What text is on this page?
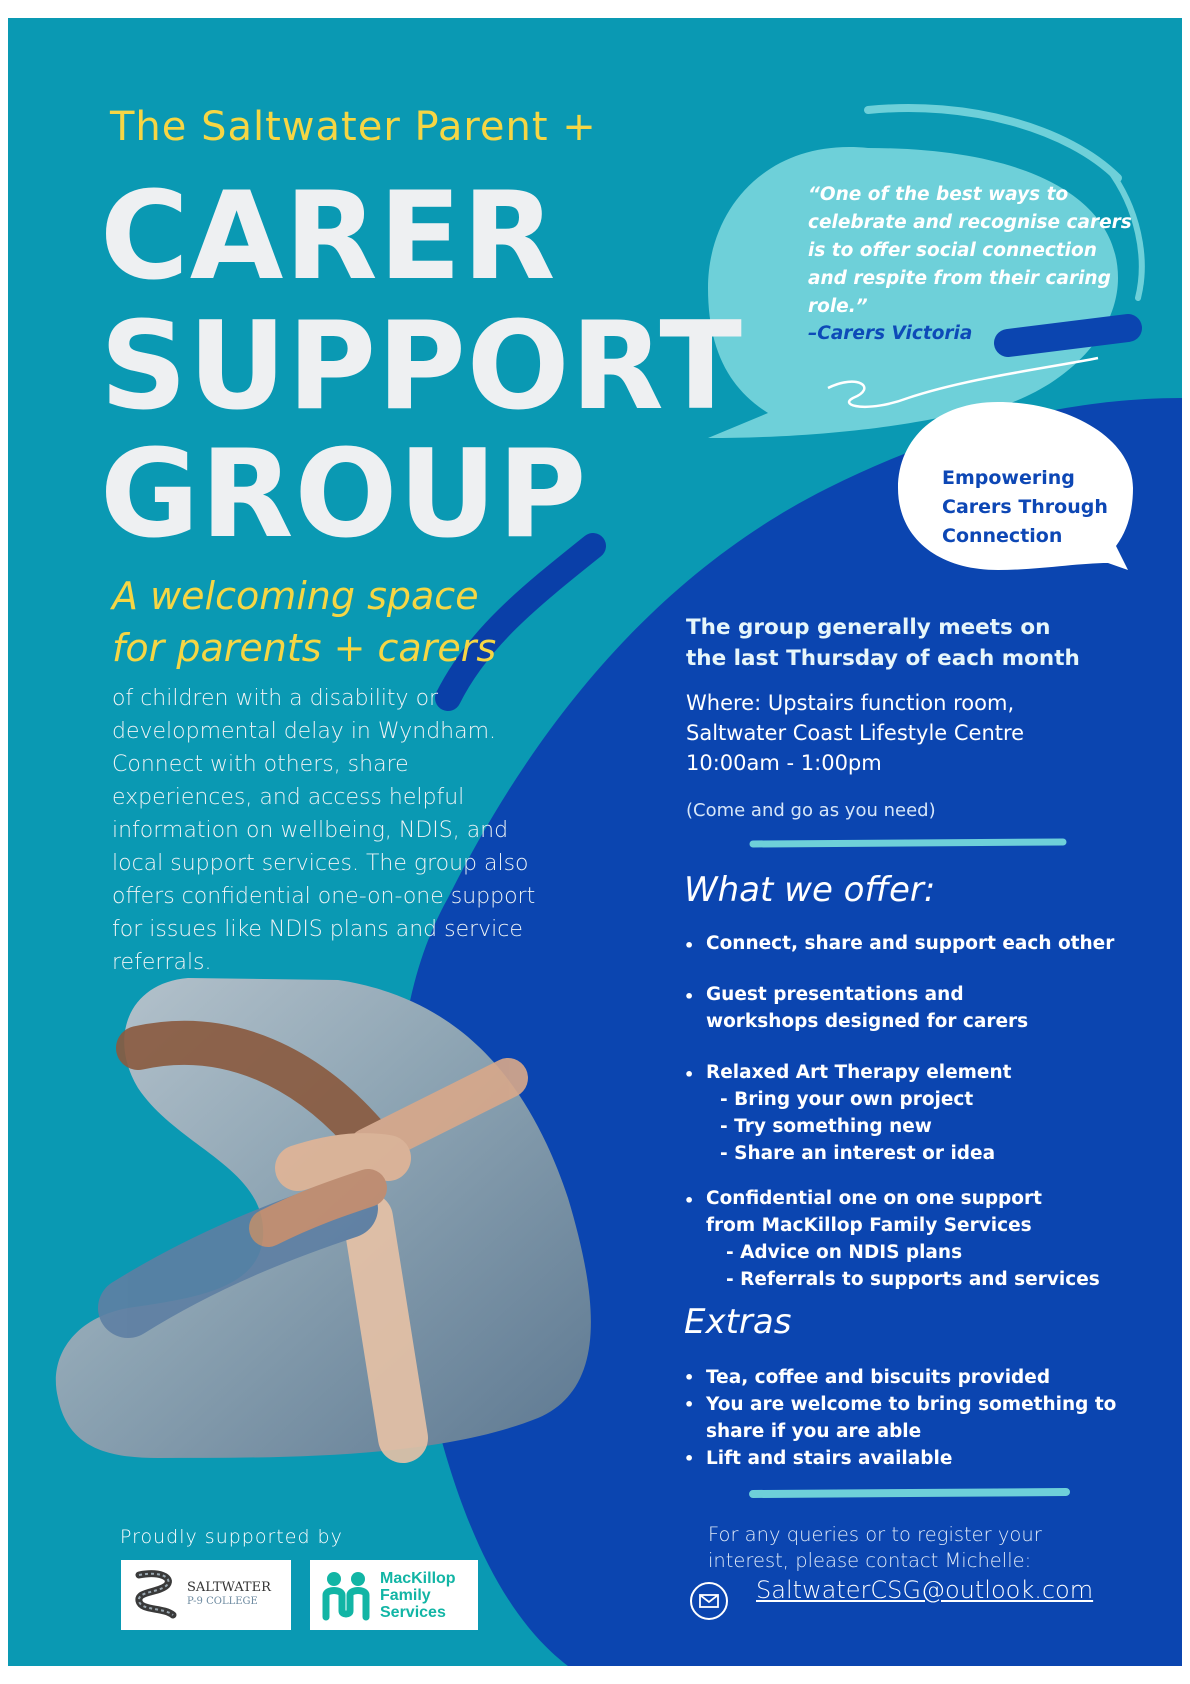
The Saltwater Parent +
CARER
SUPPORT
GROUP
A welcoming space
for parents + carers
of children with a disability or developmental delay in Wyndham. Connect with others, share experiences, and access helpful information on wellbeing, NDIS, and local support services. The group also offers confidential one-on-one support for issues like NDIS plans and service referrals.
“One of the best ways to celebrate and recognise carers is to offer social connection and respite from their caring role.”
–Carers Victoria
Empowering
Carers Through
Connection
The group generally meets on
the last Thursday of each month
Where: Upstairs function room,
Saltwater Coast Lifestyle Centre
10:00am - 1:00pm
(Come and go as you need)
What we offer:
• Connect, share and support each other
• Guest presentations and
workshops designed for carers
• Relaxed Art Therapy element
- Bring your own project
- Try something new
- Share an interest or idea
• Confidential one on one support
from MacKillop Family Services
- Advice on NDIS plans
- Referrals to supports and services
Extras
• Tea, coffee and biscuits provided
• You are welcome to bring something to share if you are able
• Lift and stairs available
For any queries or to register your interest, please contact Michelle:
SaltwaterCSG@outlook.com
Proudly supported by
SALTWATER
P-9 COLLEGE
MacKillop
Family
Services
